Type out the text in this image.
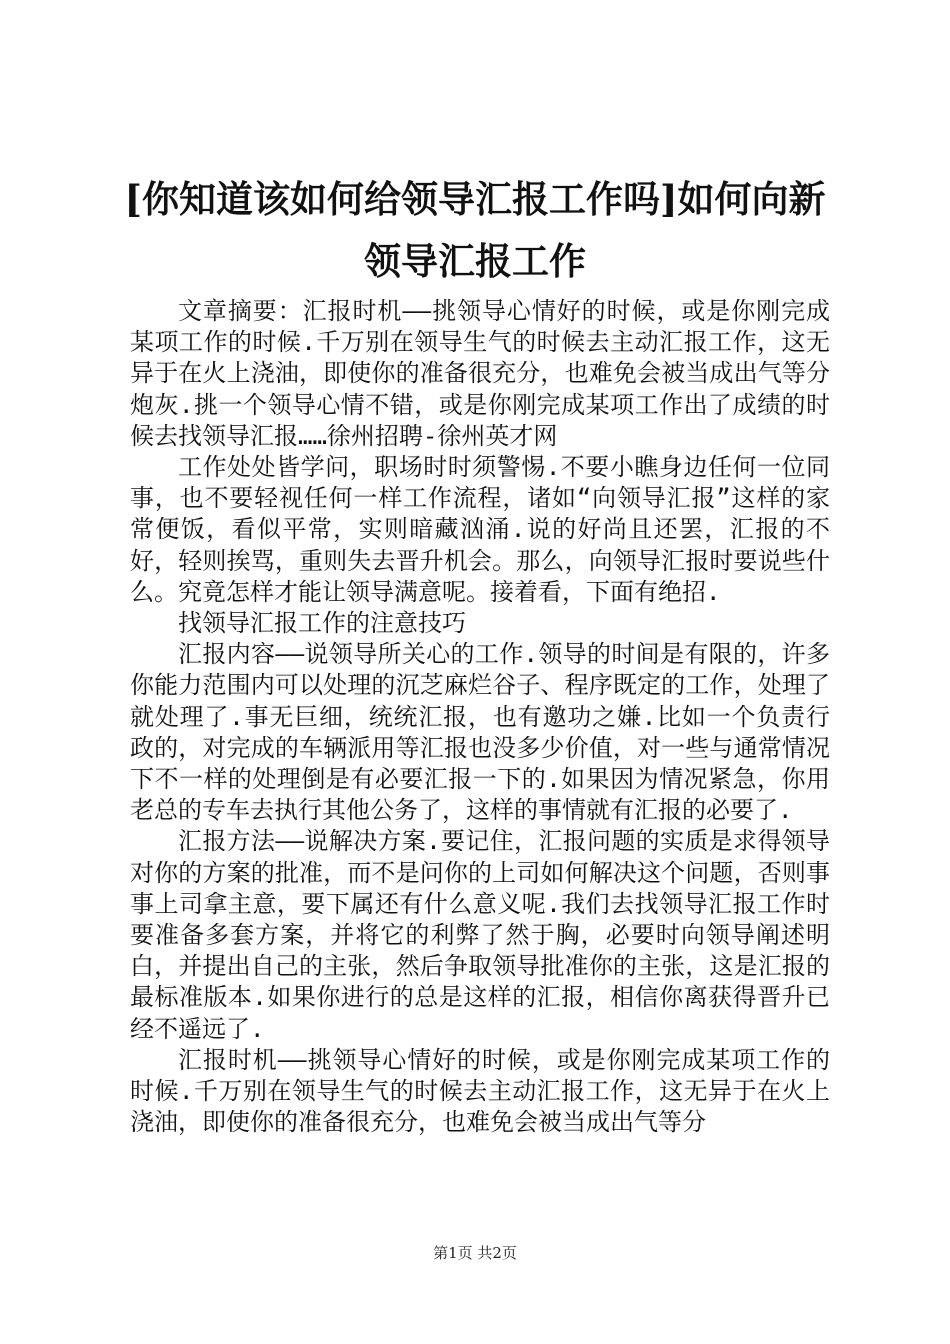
[你知道该如何给领导汇报工作吗]如何向新领导汇报工作

文章摘要：汇报时机——挑领导心情好的时候，或是你刚完成某项工作的时候.千万别在领导生气的时候去主动汇报工作，这无异于在火上浇油，即使你的准备很充分，也难免会被当成出气等分炮灰.挑一个领导心情不错，或是你刚完成某项工作出了成绩的时候去找领导汇报……徐州招聘-徐州英才网

工作处处皆学问，职场时时须警惕.不要小瞧身边任何一位同事，也不要轻视任何一样工作流程，诸如“向领导汇报”这样的家常便饭，看似平常，实则暗藏汹涌.说的好尚且还罢，汇报的不好，轻则挨骂，重则失去晋升机会。那么，向领导汇报时要说些什么。究竟怎样才能让领导满意呢。接着看，下面有绝招.

找领导汇报工作的注意技巧

汇报内容——说领导所关心的工作.领导的时间是有限的，许多你能力范围内可以处理的沉芝麻烂谷子、程序既定的工作，处理了就处理了.事无巨细，统统汇报，也有邀功之嫌.比如一个负责行政的，对完成的车辆派用等汇报也没多少价值，对一些与通常情况下不一样的处理倒是有必要汇报一下的.如果因为情况紧急，你用老总的专车去执行其他公务了，这样的事情就有汇报的必要了.

汇报方法——说解决方案.要记住，汇报问题的实质是求得领导对你的方案的批准，而不是问你的上司如何解决这个问题，否则事事上司拿主意，要下属还有什么意义呢.我们去找领导汇报工作时要准备多套方案，并将它的利弊了然于胸，必要时向领导阐述明白，并提出自己的主张，然后争取领导批准你的主张，这是汇报的最标准版本.如果你进行的总是这样的汇报，相信你离获得晋升已经不遥远了.

汇报时机——挑领导心情好的时候，或是你刚完成某项工作的时候.千万别在领导生气的时候去主动汇报工作，这无异于在火上浇油，即使你的准备很充分，也难免会被当成出气等分

第1页 共2页
